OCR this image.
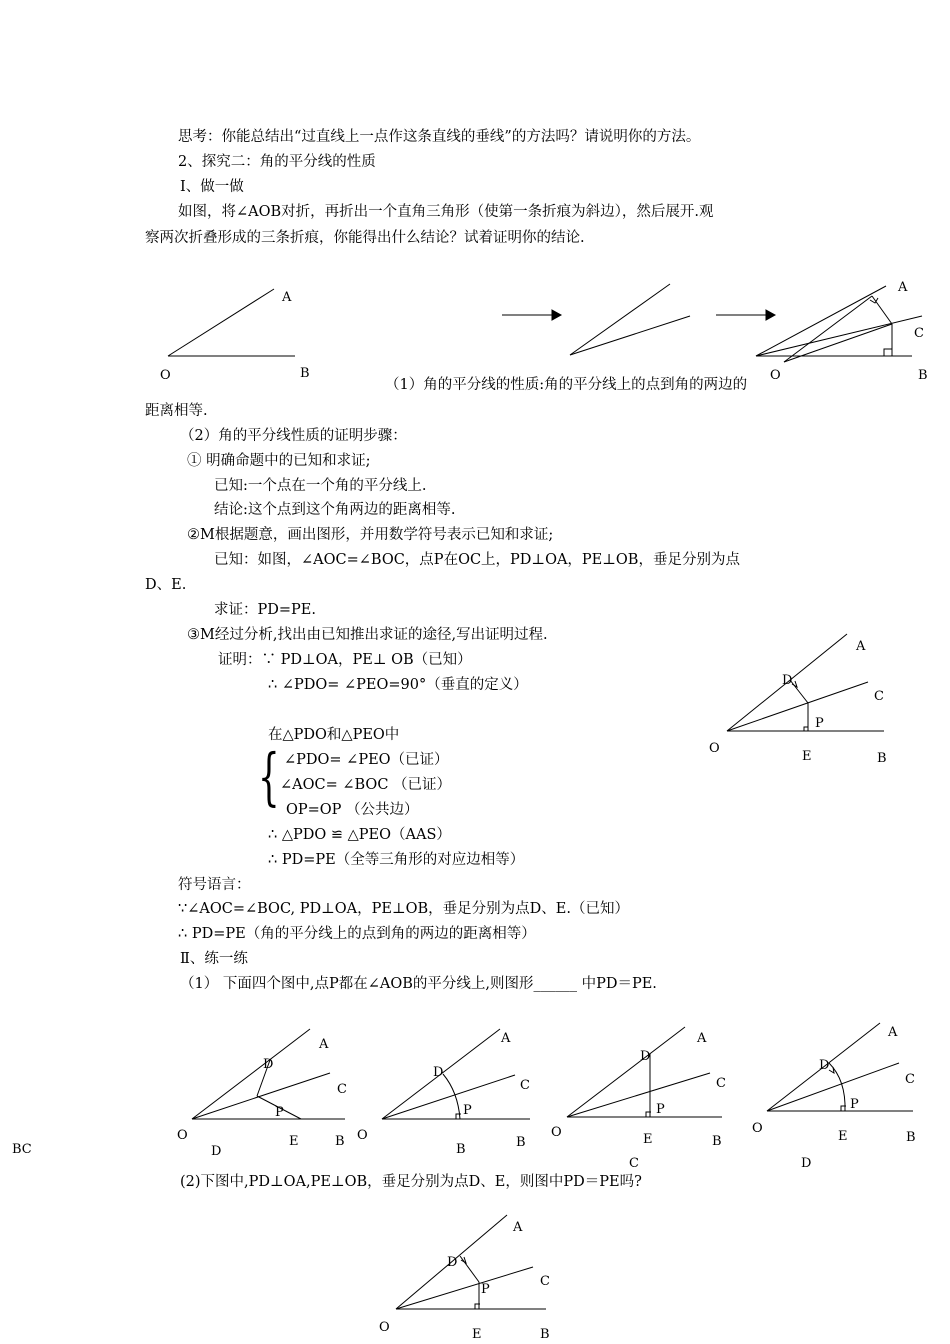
思考：你能总结出“过直线上一点作这条直线的垂线”的方法吗？请说明你的方法。
2、探究二：角的平分线的性质
Ⅰ、做一做
如图，将∠AOB对折，再折出一个直角三角形（使第一条折痕为斜边），然后展开.观
察两次折叠形成的三条折痕，你能得出什么结论？试着证明你的结论.
（1）角的平分线的性质:角的平分线上的点到角的两边的
距离相等.
（2）角的平分线性质的证明步骤：
① 明确命题中的已知和求证;
已知:一个点在一个角的平分线上.
结论:这个点到这个角两边的距离相等.
②M根据题意，画出图形，并用数学符号表示已知和求证;
已知：如图，∠AOC=∠BOC，点P在OC上，PD⊥OA，PE⊥OB，垂足分别为点
D、E.
求证：PD=PE.
③M经过分析,找出由已知推出求证的途径,写出证明过程.
证明：∵ PD⊥OA，PE⊥ OB（已知）
∴ ∠PDO= ∠PEO=90°（垂直的定义）
在△PDO和△PEO中
{ ∠PDO= ∠PEO（已证）
∠AOC= ∠BOC （已证）
OP=OP （公共边）
∴ △PDO ≌ △PEO（AAS）
∴ PD=PE（全等三角形的对应边相等）
符号语言：
∵∠AOC=∠BOC, PD⊥OA，PE⊥OB，垂足分别为点D、E.（已知）
∴ PD=PE（角的平分线上的点到角的两边的距离相等）
Ⅱ、练一练
（1） 下面四个图中,点P都在∠AOB的平分线上,则图形______ 中PD＝PE.
BC
(2)下图中,PD⊥OA,PE⊥OB，垂足分别为点D、E，则图中PD＝PE吗?
A
O	B
A
C
O	B
A
D
C
P
O
E	B
A
D
C
P
O	E	B
D
A
D
C
P
O
B	B
A
D
C
P
O	E	B
C
A
D
C
P
O
E	B
D
A
D
C
P
O	E	B
